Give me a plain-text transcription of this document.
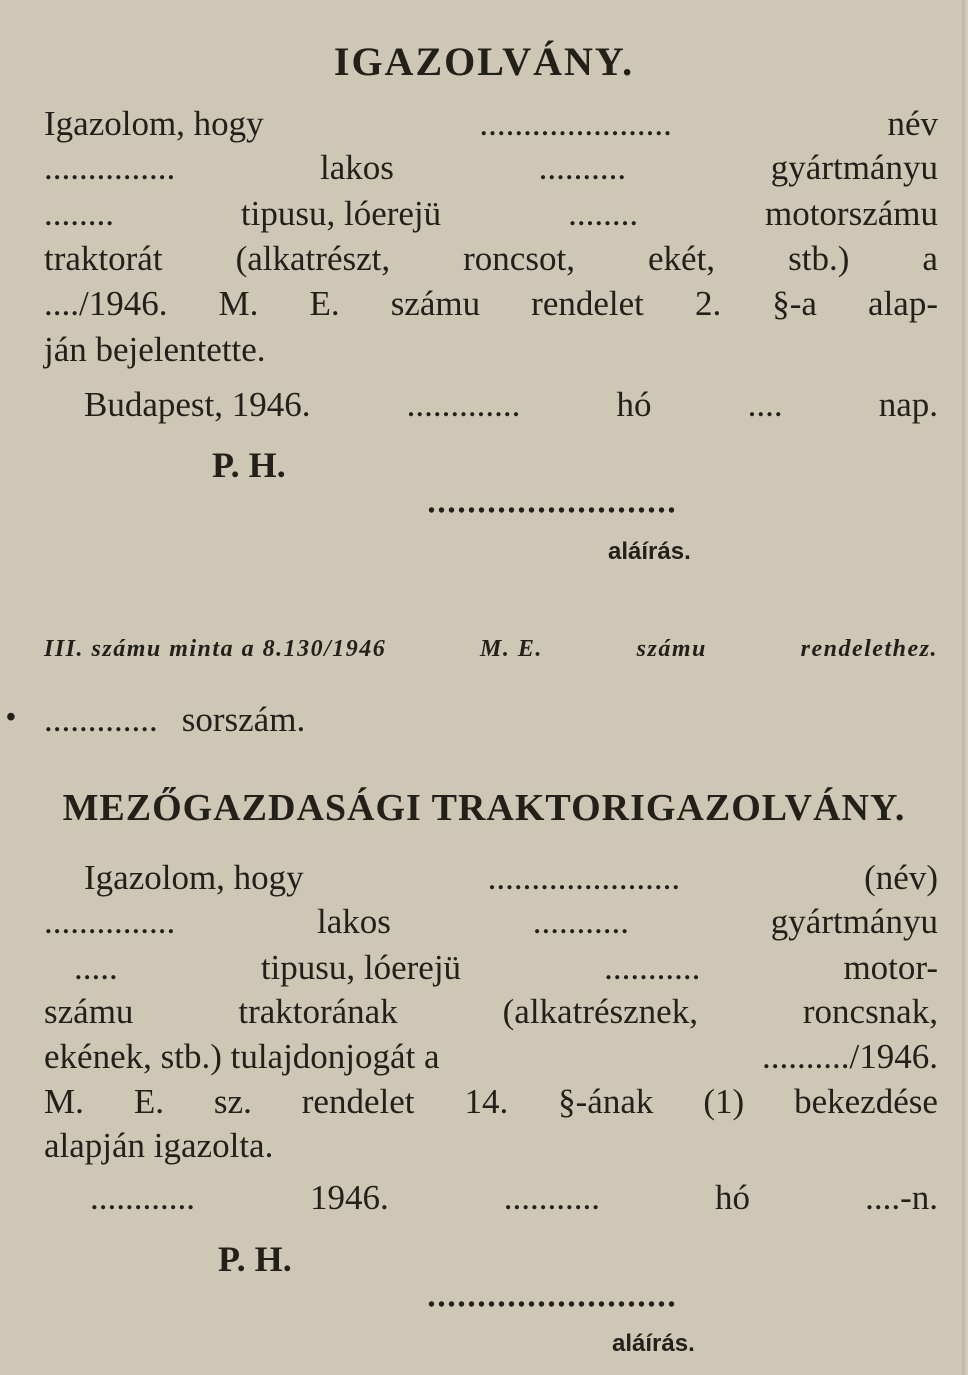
IGAZOLVÁNY.
Igazolom, hogy	......................	név
...............	lakos	..........	gyártmányu
........	tipusu, lóerejü	........	motorszámu
traktorát (alkatrészt, roncsot, ekét, stb.) a
..../1946. M. E. számu rendelet 2. §-a alap-
ján bejelentette.
Budapest, 1946.	.............	hó	....	nap.
P. H.
•••••••••••••••••••••••••
aláírás.
III. számu minta a 8.130/1946	M. E.	számu	rendelethez.
• ............. sorszám.
MEZŐGAZDASÁGI TRAKTORIGAZOLVÁNY.
Igazolom, hogy	......................	(név)
...............	lakos	...........	gyártmányu
.....	tipusu, lóerejü	...........	motor-
számu	traktorának	(alkatrésznek,	roncsnak,
ekének, stb.) tulajdonjogát a	........../1946.
M. E. sz. rendelet 14. §-ának (1) bekezdése
alapján igazolta.
............	1946.	...........	hó	....-n.
P. H.
•••••••••••••••••••••••••
aláírás.
